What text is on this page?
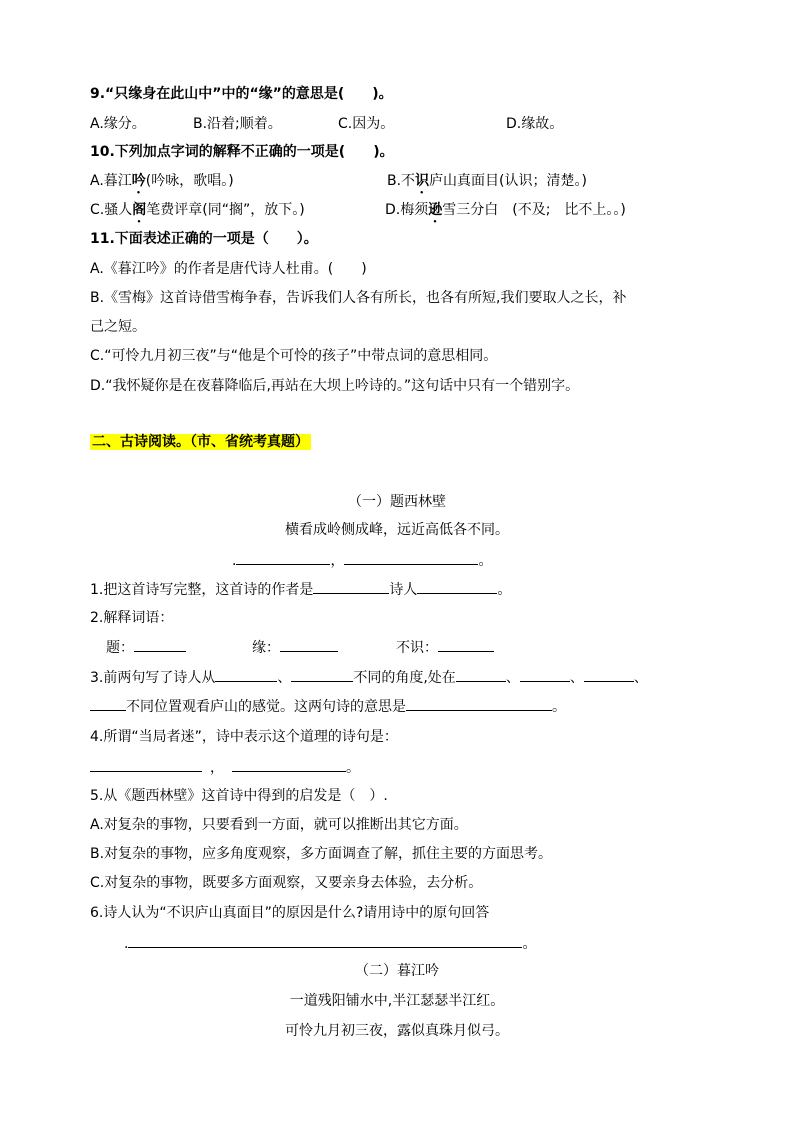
9.“只缘身在此山中”中的“缘”的意思是(　　)。
A.缘分。	B.沿着;顺着。	C.因为。	D.缘故。
10.下列加点字词的解释不正确的一项是(　　)。
A.暮江吟(吟咏，歌唱。)	B.不识庐山真面目(认识；清楚。)
C.骚人阁笔费评章(同“搁”，放下。)	D.梅须逊雪三分白　(不及;　比不上。。)
11.下面表述正确的一项是（　　）。
A.《暮江吟》的作者是唐代诗人杜甫。(　　)
B.《雪梅》这首诗借雪梅争春，告诉我们人各有所长，也各有所短,我们要取人之长，补
己之短。
C.“可怜九月初三夜”与“他是个可怜的孩子”中带点词的意思相同。
D.“我怀疑你是在夜暮降临后,再站在大坝上吟诗的。”这句话中只有一个错别字。
二、古诗阅读。（市、省统考真题）
（一）题西林壁
横看成岭侧成峰，远近高低各不同。
.	，	。
1.把这首诗写完整，这首诗的作者是	诗人	。
2.解释词语：
题：	缘：	不识：
3.前两句写了诗人从	、	不同的角度,处在	、	、	、
不同位置观看庐山的感觉。这两句诗的意思是	。
4.所谓“当局者迷”，诗中表示这个道理的诗句是：
，	。
5.从《题西林壁》这首诗中得到的启发是（　）.
A.对复杂的事物，只要看到一方面，就可以推断出其它方面。
B.对复杂的事物，应多角度观察，多方面调查了解，抓住主要的方面思考。
C.对复杂的事物，既要多方面观察，又要亲身去体验，去分析。
6.诗人认为“不识庐山真面目”的原因是什么?请用诗中的原句回答
.	。
（二）暮江吟
一道残阳铺水中,半江瑟瑟半江红。
可怜九月初三夜，露似真珠月似弓。
